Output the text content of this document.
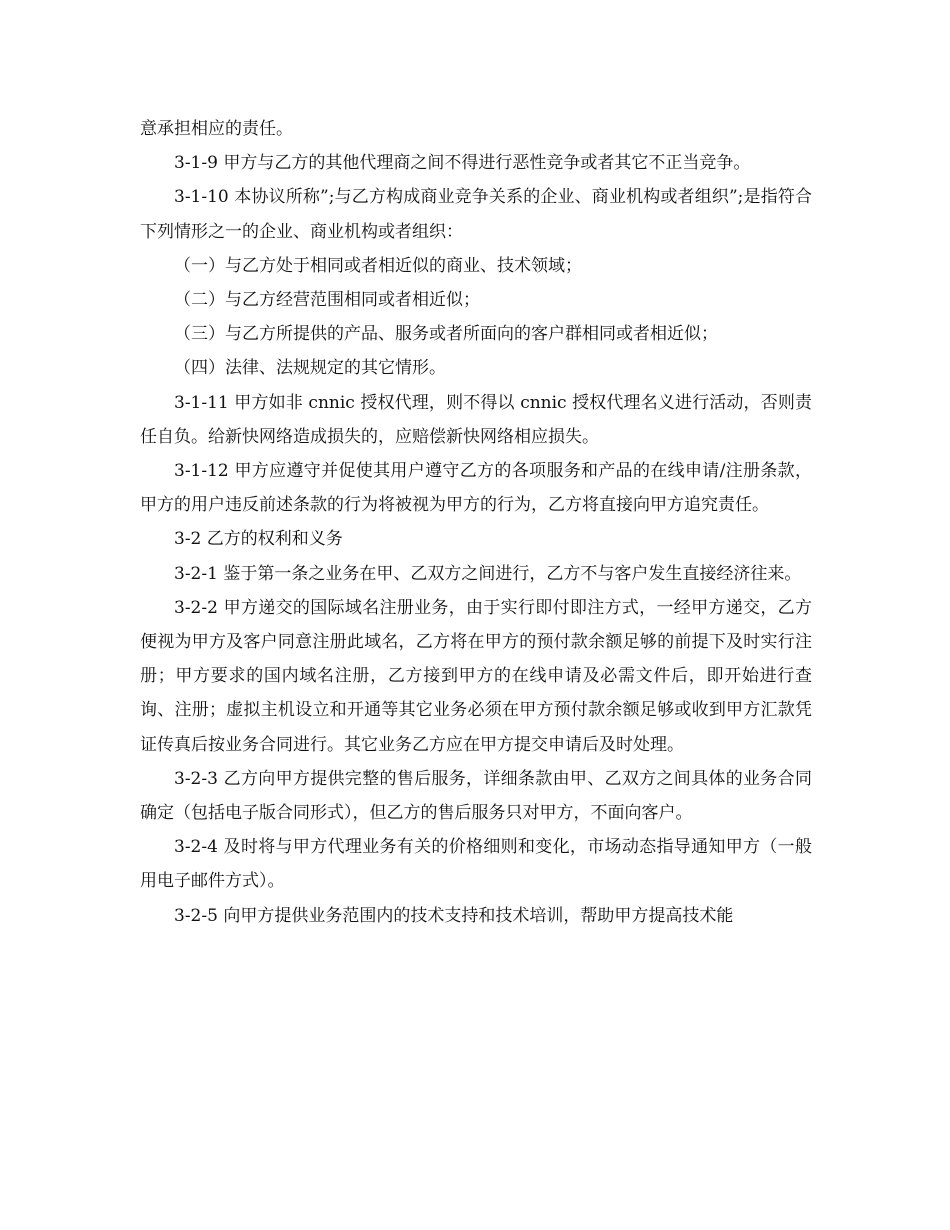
意承担相应的责任。

3-1-9 甲方与乙方的其他代理商之间不得进行恶性竞争或者其它不正当竞争。

3-1-10 本协议所称”;与乙方构成商业竞争关系的企业、商业机构或者组织”;是指符合下列情形之一的企业、商业机构或者组织：

（一）与乙方处于相同或者相近似的商业、技术领域；

（二）与乙方经营范围相同或者相近似；

（三）与乙方所提供的产品、服务或者所面向的客户群相同或者相近似；

（四）法律、法规规定的其它情形。

3-1-11 甲方如非 cnnic 授权代理，则不得以 cnnic 授权代理名义进行活动，否则责任自负。给新快网络造成损失的，应赔偿新快网络相应损失。

3-1-12 甲方应遵守并促使其用户遵守乙方的各项服务和产品的在线申请/注册条款，甲方的用户违反前述条款的行为将被视为甲方的行为，乙方将直接向甲方追究责任。

3-2 乙方的权利和义务

3-2-1 鉴于第一条之业务在甲、乙双方之间进行，乙方不与客户发生直接经济往来。

3-2-2 甲方递交的国际域名注册业务，由于实行即付即注方式，一经甲方递交，乙方便视为甲方及客户同意注册此域名，乙方将在甲方的预付款余额足够的前提下及时实行注册；甲方要求的国内域名注册，乙方接到甲方的在线申请及必需文件后，即开始进行查询、注册；虚拟主机设立和开通等其它业务必须在甲方预付款余额足够或收到甲方汇款凭证传真后按业务合同进行。其它业务乙方应在甲方提交申请后及时处理。

3-2-3 乙方向甲方提供完整的售后服务，详细条款由甲、乙双方之间具体的业务合同确定（包括电子版合同形式），但乙方的售后服务只对甲方，不面向客户。

3-2-4 及时将与甲方代理业务有关的价格细则和变化，市场动态指导通知甲方（一般用电子邮件方式）。

3-2-5 向甲方提供业务范围内的技术支持和技术培训，帮助甲方提高技术能
